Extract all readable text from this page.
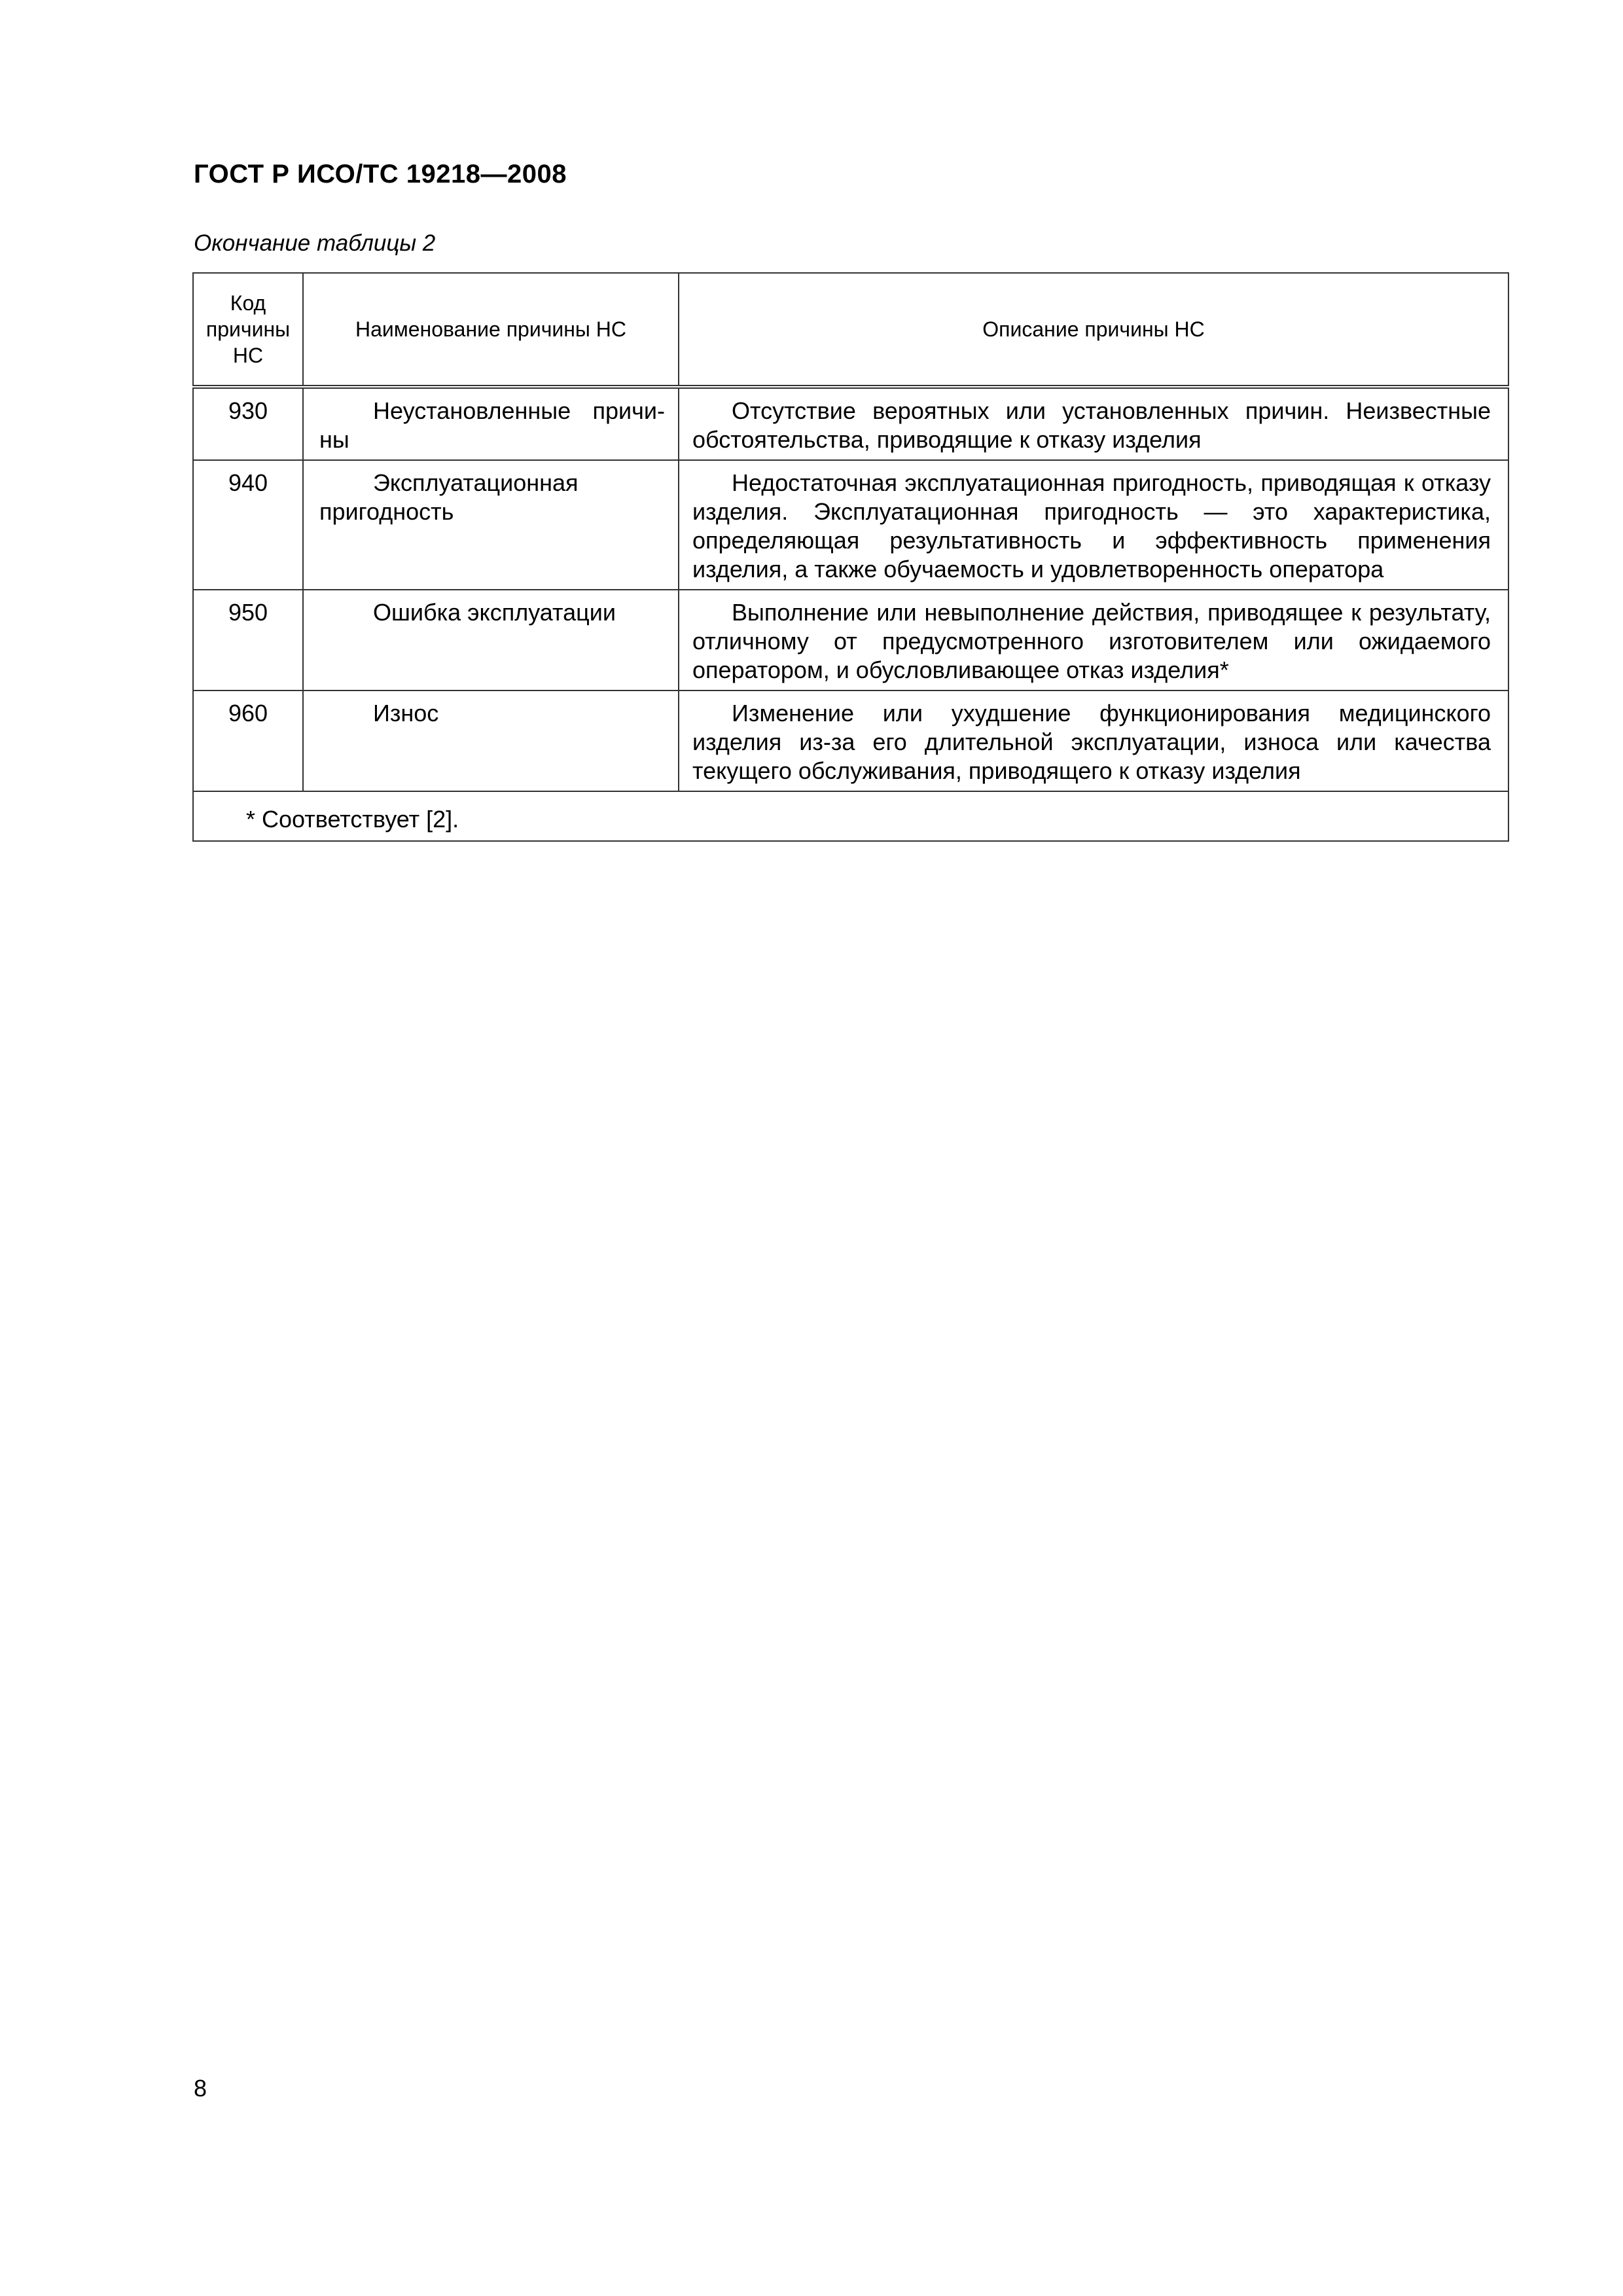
ГОСТ Р ИСО/ТС 19218—2008
Окончание таблицы 2
Код причины НС	Наименование причины НС	Описание причины НС
930	Неустановленные причины	Отсутствие вероятных или установленных причин. Неизвестные обстоятельства, приводящие к отказу изделия
940	Эксплуатационная пригодность	Недостаточная эксплуатационная пригодность, приводящая к отказу изделия. Эксплуатационная пригодность — это характеристика, определяющая результативность и эффективность применения изделия, а также обучаемость и удовлетворенность оператора
950	Ошибка эксплуатации	Выполнение или невыполнение действия, приводящее к результату, отличному от предусмотренного изготовителем или ожидаемого оператором, и обусловливающее отказ изделия*
960	Износ	Изменение или ухудшение функционирования медицинского изделия из-за его длительной эксплуатации, износа или качества текущего обслуживания, приводящего к отказу изделия
* Соответствует [2].		
8
